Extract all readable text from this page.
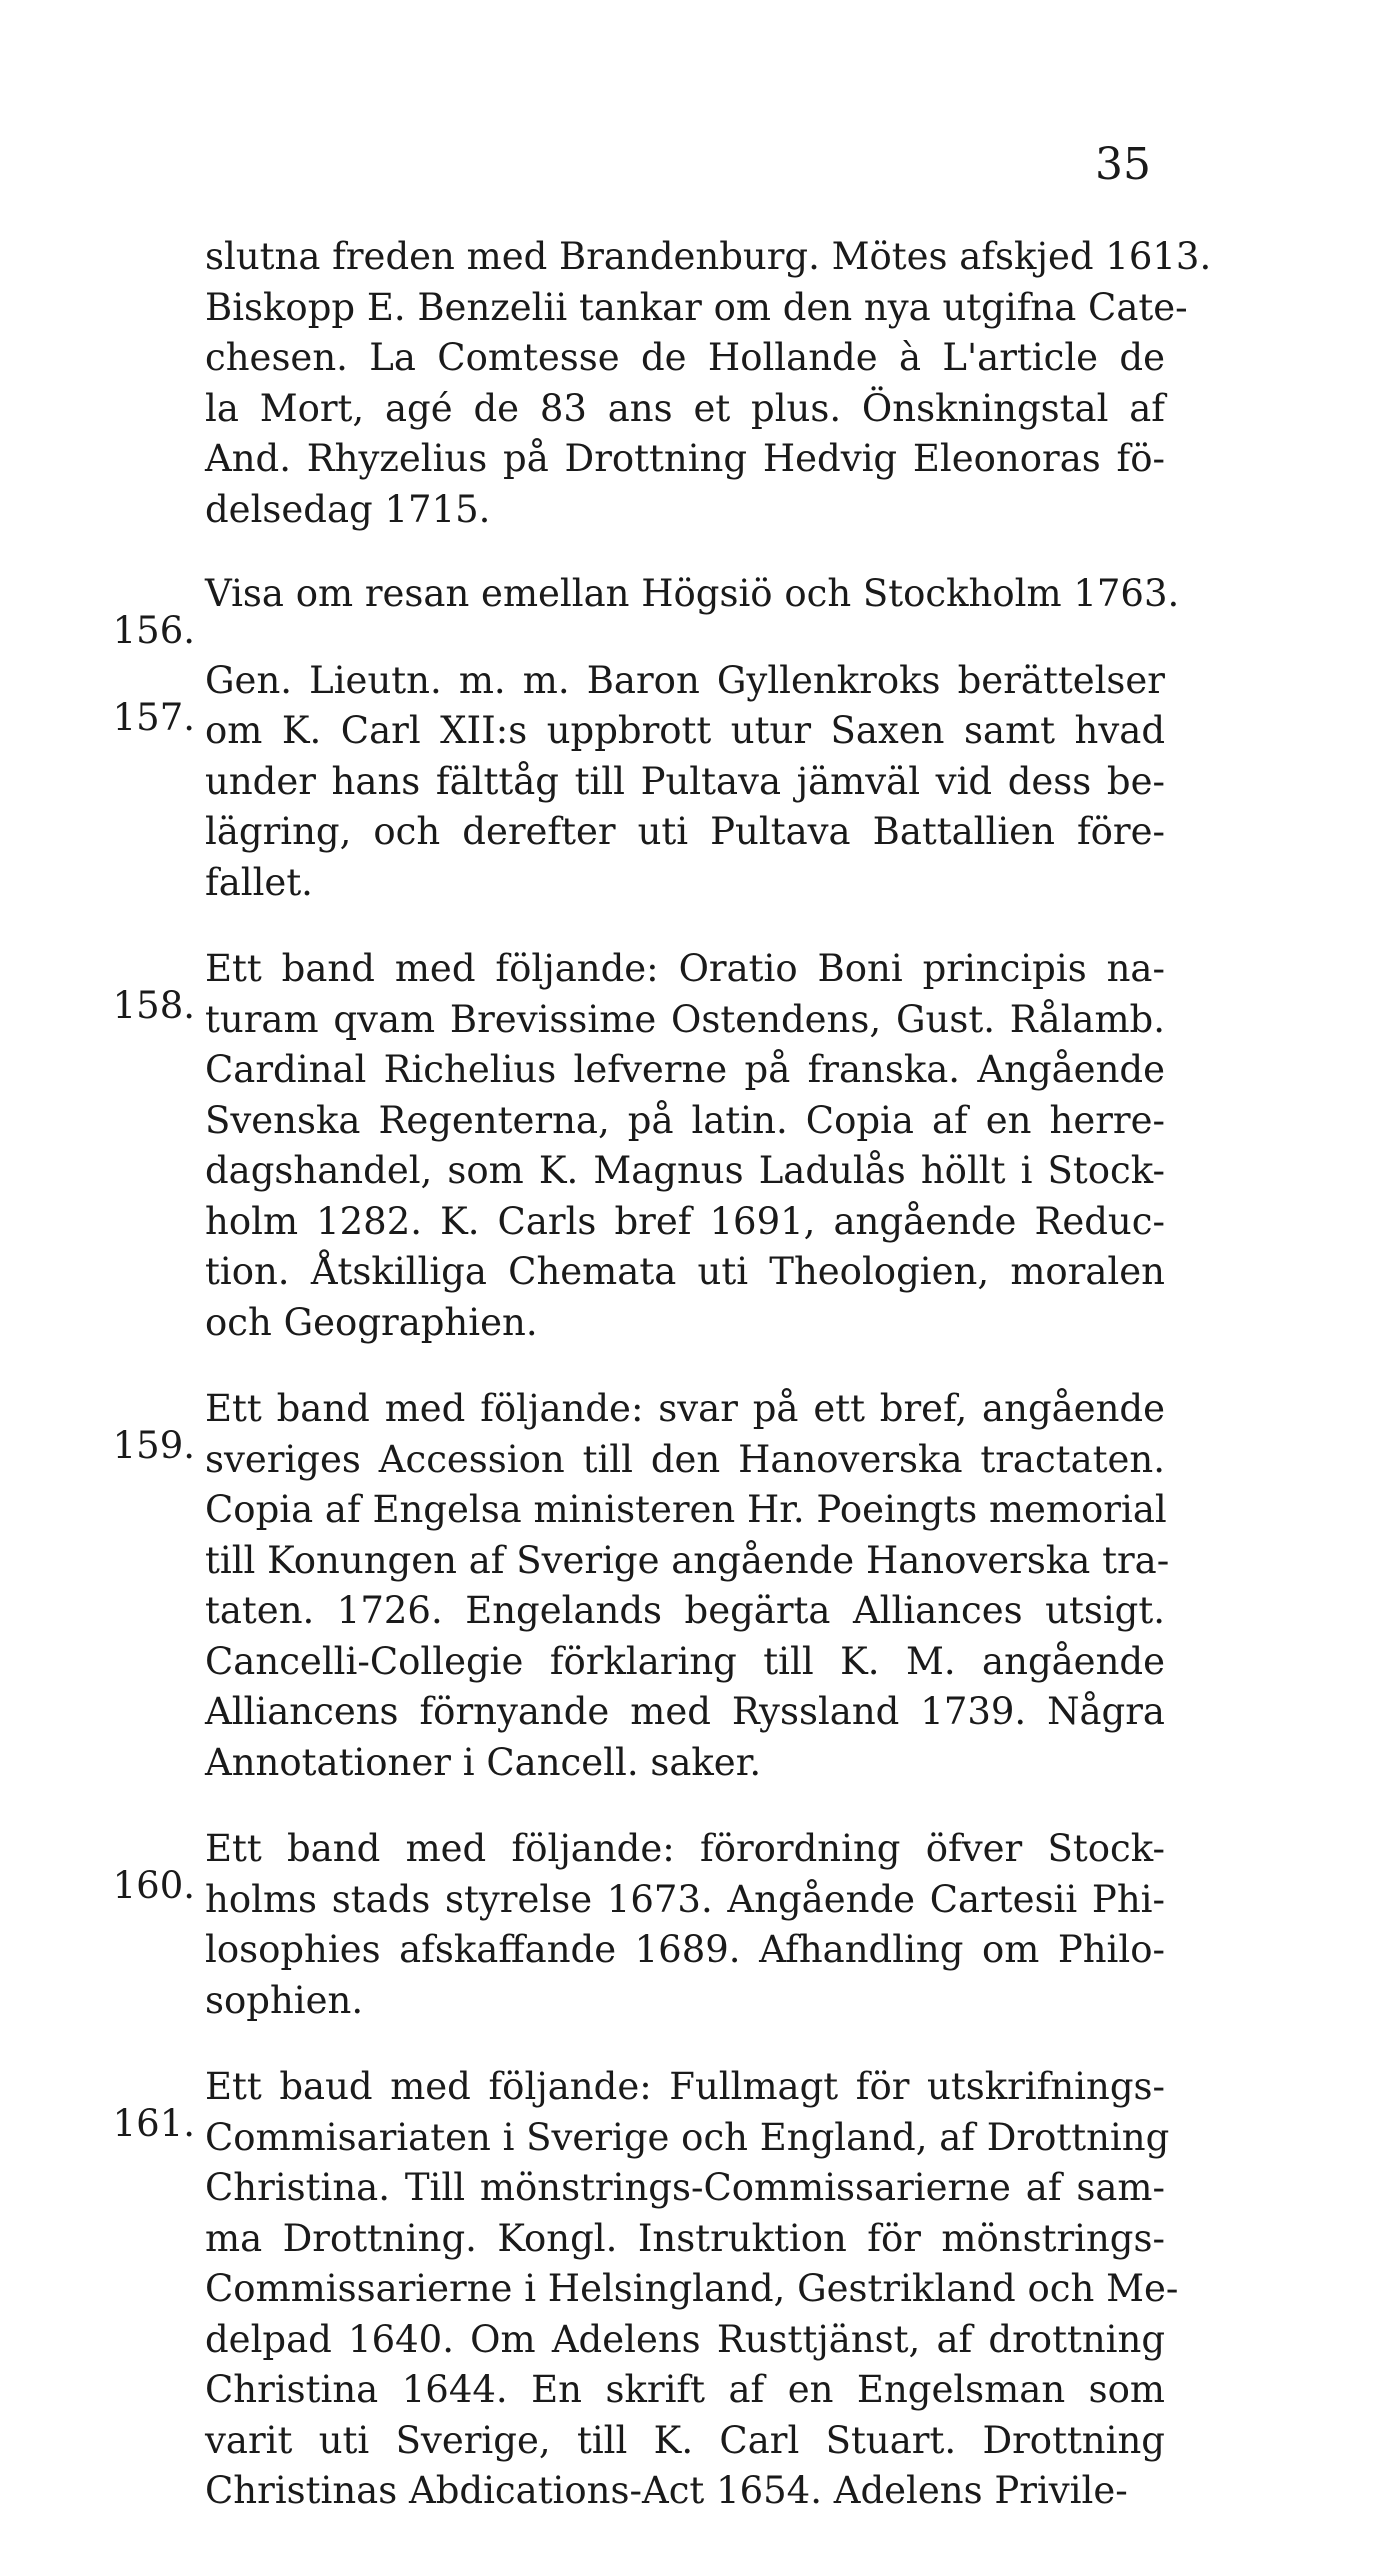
35
slutna freden med Brandenburg. Mötes afskjed 1613.
Biskopp E. Benzelii tankar om den nya utgifna Cate-
chesen. La Comtesse de Hollande à L'article de
la Mort, agé de 83 ans et plus. Önskningstal af
And. Rhyzelius på Drottning Hedvig Eleonoras fö-
delsedag 1715.
156.
Visa om resan emellan Högsiö och Stockholm 1763.
157.
Gen. Lieutn. m. m. Baron Gyllenkroks berättelser
om K. Carl XII:s uppbrott utur Saxen samt hvad
under hans fälttåg till Pultava jämväl vid dess be-
lägring, och derefter uti Pultava Battallien före-
fallet.
158.
Ett band med följande: Oratio Boni principis na-
turam qvam Brevissime Ostendens, Gust. Rålamb.
Cardinal Richelius lefverne på franska. Angående
Svenska Regenterna, på latin. Copia af en herre-
dagshandel, som K. Magnus Ladulås höllt i Stock-
holm 1282. K. Carls bref 1691, angående Reduc-
tion. Åtskilliga Chemata uti Theologien, moralen
och Geographien.
159.
Ett band med följande: svar på ett bref, angående
sveriges Accession till den Hanoverska tractaten.
Copia af Engelsa ministeren Hr. Poeingts memorial
till Konungen af Sverige angående Hanoverska tra-
taten. 1726. Engelands begärta Alliances utsigt.
Cancelli-Collegie förklaring till K. M. angående
Alliancens förnyande med Ryssland 1739. Några
Annotationer i Cancell. saker.
160.
Ett band med följande: förordning öfver Stock-
holms stads styrelse 1673. Angående Cartesii Phi-
losophies afskaffande 1689. Afhandling om Philo-
sophien.
161.
Ett baud med följande: Fullmagt för utskrifnings-
Commisariaten i Sverige och England, af Drottning
Christina. Till mönstrings-Commissarierne af sam-
ma Drottning. Kongl. Instruktion för mönstrings-
Commissarierne i Helsingland, Gestrikland och Me-
delpad 1640. Om Adelens Rusttjänst, af drottning
Christina 1644. En skrift af en Engelsman som
varit uti Sverige, till K. Carl Stuart. Drottning
Christinas Abdications-Act 1654. Adelens Privile-
